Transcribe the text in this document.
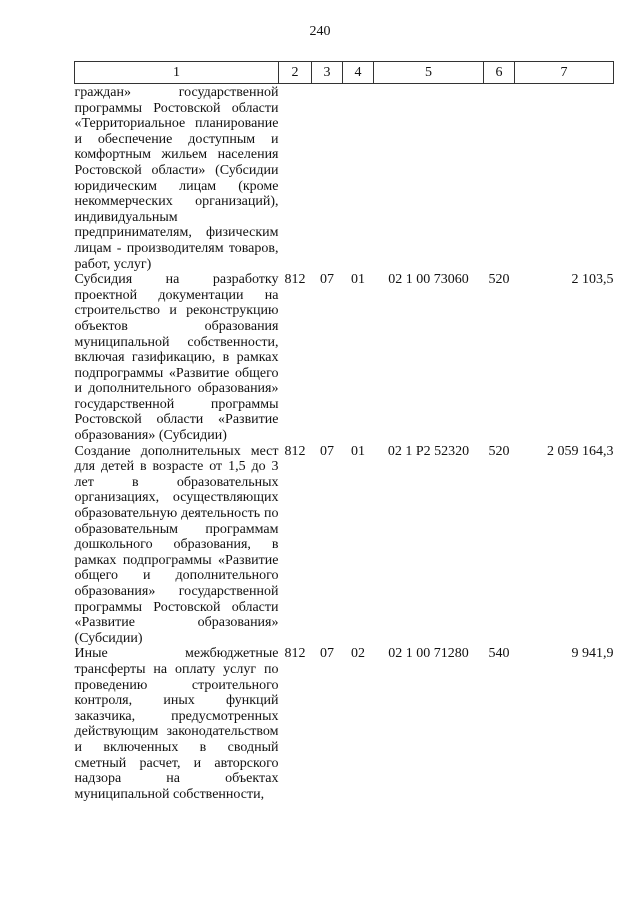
240
1	2	3	4	5	6	7
граждан» государственной программы Ростовской области «Территориальное планирование и обеспечение доступным и комфортным жильем населения Ростовской области» (Субсидии юридическим лицам (кроме некоммерческих организаций), индивидуальным предпринимателям, физическим лицам - производителям товаров, работ, услуг)						
Субсидия на разработку проектной документации на строительство и реконструкцию объектов образования муниципальной собственности, включая газификацию, в рамках подпрограммы «Развитие общего и дополнительного образования» государственной программы Ростовской области «Развитие образования» (Субсидии)	812	07	01	02 1 00 73060	520	2 103,5
Создание дополнительных мест для детей в возрасте от 1,5 до 3 лет в образовательных организациях, осуществляющих образовательную деятельность по образовательным программам дошкольного образования, в рамках подпрограммы «Развитие общего и дополнительного образования» государственной программы Ростовской области «Развитие образования» (Субсидии)	812	07	01	02 1 P2 52320	520	2 059 164,3
Иные межбюджетные трансферты на оплату услуг по проведению строительного контроля, иных функций заказчика, предусмотренных действующим законодательством и включенных в сводный сметный расчет, и авторского надзора на объектах муниципальной собственности,	812	07	02	02 1 00 71280	540	9 941,9
